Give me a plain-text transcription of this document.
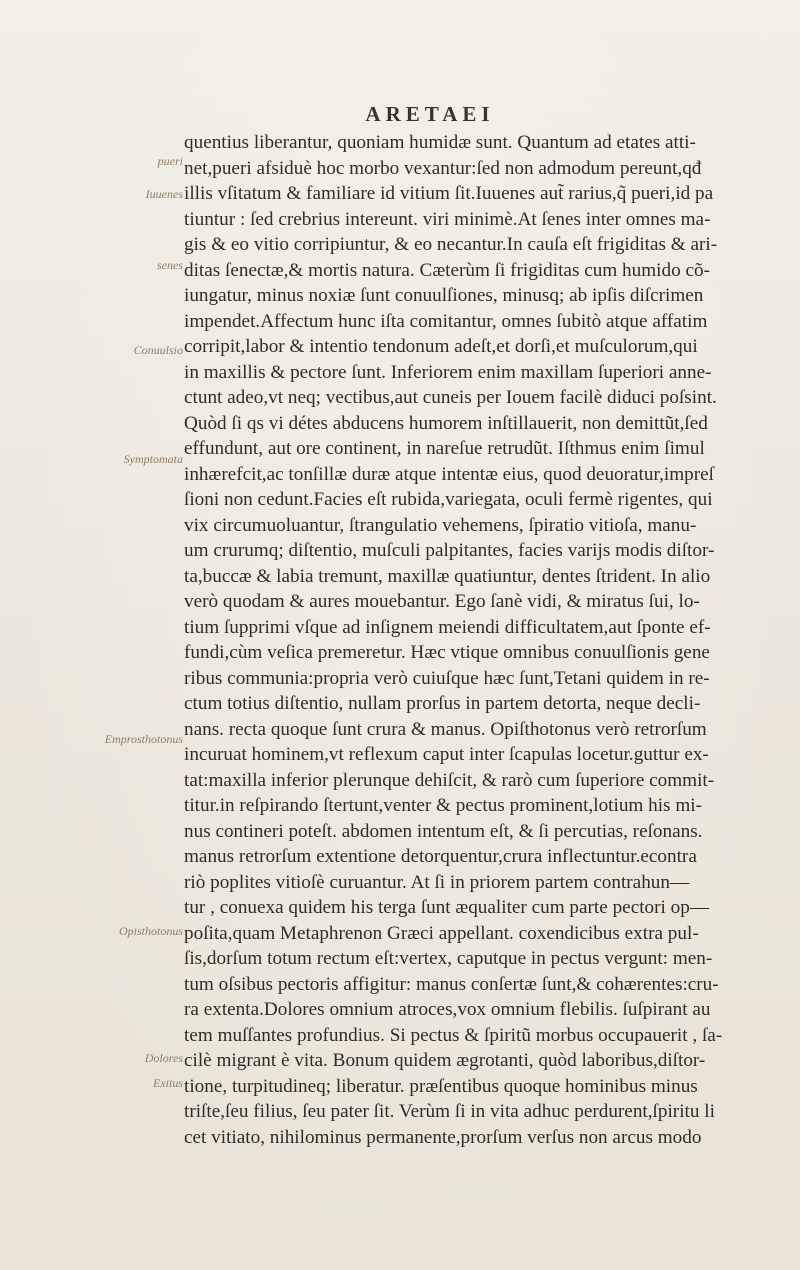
ARETAEI
pueri
Iuuenes
senes
Conuulsio
Symptomata
Emprosthotonus
Opisthotonus
Dolores
Exitus
quentius liberantur, quoniam humidæ sunt. Quantum ad etates atti-
net,pueri afsiduè hoc morbo vexantur:ſed non admodum pereunt,qđ
illis vſitatum & familiare id vitium ſit.Iuuenes aut̃ rarius,q̃ pueri,id pa
tiuntur : ſed crebrius intereunt. viri minimè.At ſenes inter omnes ma-
gis & eo vitio corripiuntur, & eo necantur.In cauſa eſt frigiditas & ari-
ditas ſenectæ,& mortis natura. Cæterùm ſi frigiditas cum humido cõ-
iungatur, minus noxiæ ſunt conuulſiones, minusq; ab ipſis diſcrimen
impendet.Affectum hunc iſta comitantur, omnes ſubitò atque affatim
corripit,labor & intentio tendonum adeſt,et dorſi,et muſculorum,qui
in maxillis & pectore ſunt. Inferiorem enim maxillam ſuperiori anne-
ctunt adeo,vt neq; vectibus,aut cuneis per Iouem facilè diduci poſsint.
Quòd ſi qs vi détes abducens humorem inſtillauerit, non demittũt,ſed
effundunt, aut ore continent, in nareſue retrudũt. Iſthmus enim ſimul
inhærefcit,ac tonſillæ duræ atque intentæ eius, quod deuoratur,impreſ
ſioni non cedunt.Facies eſt rubida,variegata, oculi fermè rigentes, qui
vix circumuoluantur, ſtrangulatio vehemens, ſpiratio vitioſa, manu-
um crurumq; diſtentio, muſculi palpitantes, facies varijs modis diſtor-
ta,buccæ & labia tremunt, maxillæ quatiuntur, dentes ſtrident. In alio
verò quodam & aures mouebantur. Ego ſanè vidi, & miratus ſui, lo-
tium ſupprimi vſque ad inſignem meiendi difficultatem,aut ſponte ef-
fundi,cùm veſica premeretur. Hæc vtique omnibus conuulſionis gene
ribus communia:propria verò cuiuſque hæc ſunt,Tetani quidem in re-
ctum totius diſtentio, nullam prorſus in partem detorta, neque decli-
nans. recta quoque ſunt crura & manus. Opiſthotonus verò retrorſum
incuruat hominem,vt reflexum caput inter ſcapulas locetur.guttur ex-
tat:maxilla inferior plerunque dehiſcit, & rarò cum ſuperiore commit-
titur.in reſpirando ſtertunt,venter & pectus prominent,lotium his mi-
nus contineri poteſt. abdomen intentum eſt, & ſi percutias, reſonans.
manus retrorſum extentione detorquentur,crura inflectuntur.econtra
riò poplites vitioſè curuantur. At ſi in priorem partem contrahun—
tur , conuexa quidem his terga ſunt æqualiter cum parte pectori op—
poſita,quam Metaphrenon Græci appellant. coxendicibus extra pul-
ſis,dorſum totum rectum eſt:vertex, caputque in pectus vergunt: men-
tum oſsibus pectoris affigitur: manus conſertæ ſunt,& cohærentes:cru-
ra extenta.Dolores omnium atroces,vox omnium flebilis. ſuſpirant au
tem muſſantes profundius. Si pectus & ſpiritũ morbus occupauerit , ſa-
cilè migrant è vita. Bonum quidem ægrotanti, quòd laboribus,diſtor-
tione, turpitudineq; liberatur. præſentibus quoque hominibus minus
triſte,ſeu filius, ſeu pater ſit. Verùm ſi in vita adhuc perdurent,ſpiritu li
cet vitiato, nihilominus permanente,prorſum verſus non arcus modo
